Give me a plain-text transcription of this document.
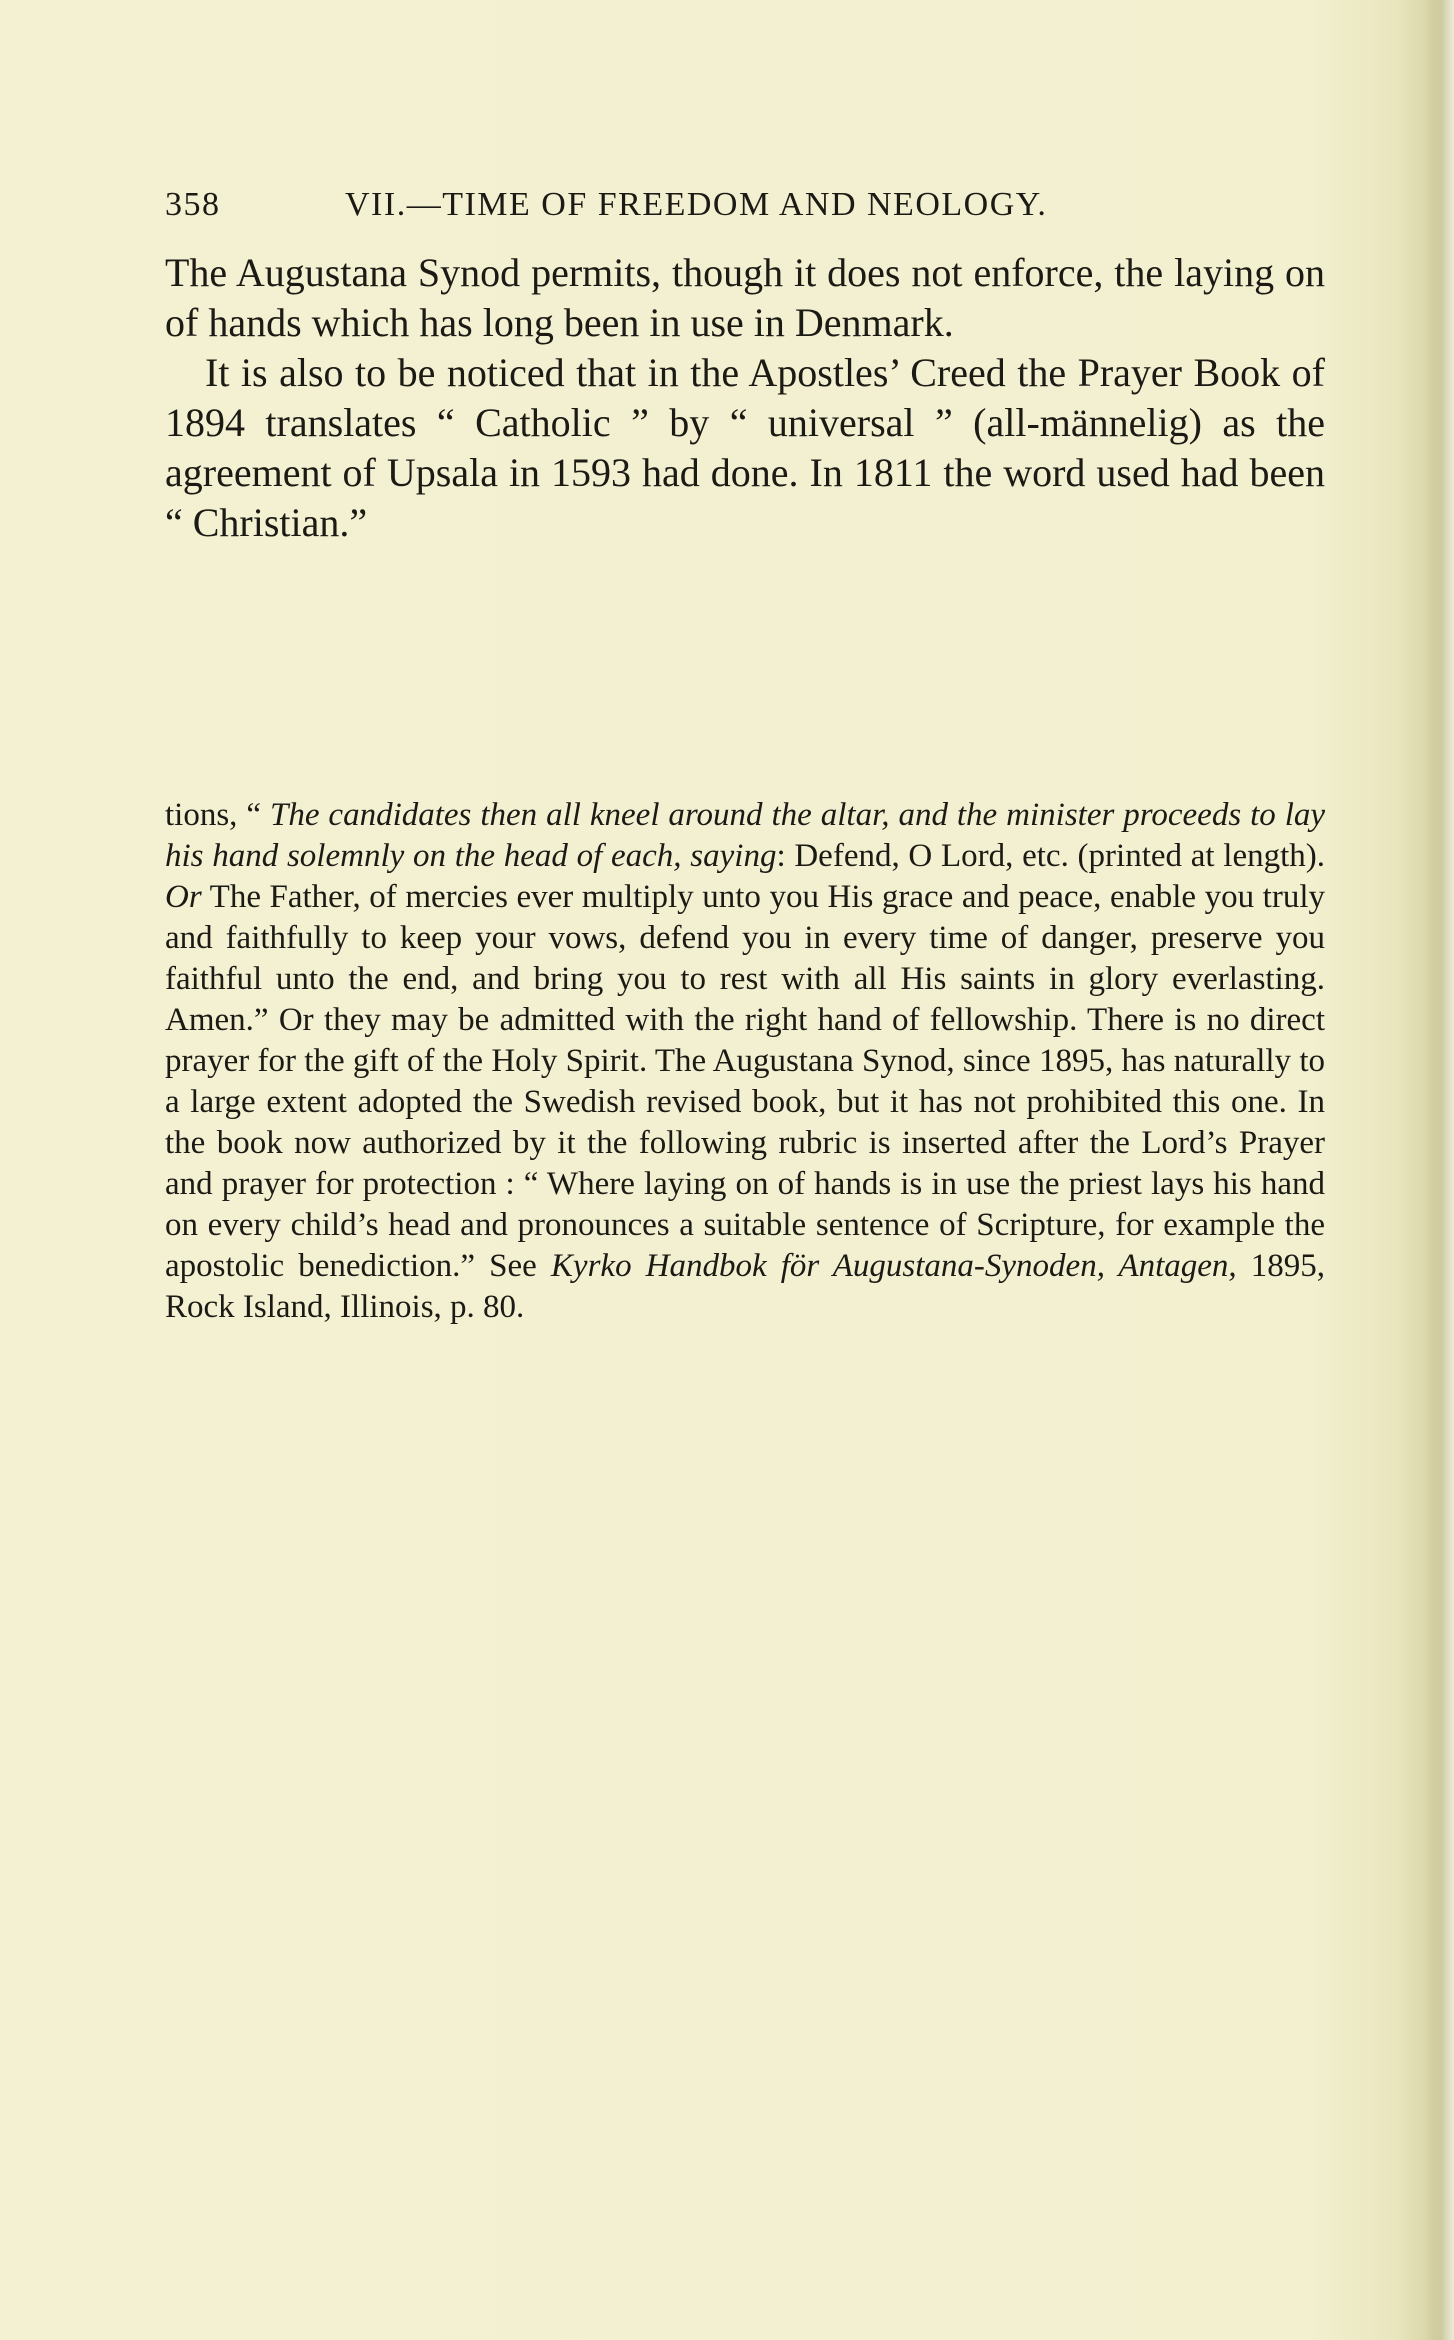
358	VII.—TIME OF FREEDOM AND NEOLOGY.

The Augustana Synod permits, though it does not enforce, the laying on of hands which has long been in use in Denmark.

It is also to be noticed that in the Apostles’ Creed the Prayer Book of 1894 translates “ Catholic ” by “ universal ” (all-männelig) as the agreement of Upsala in 1593 had done. In 1811 the word used had been “ Christian.”

tions, “ The candidates then all kneel around the altar, and the minister proceeds to lay his hand solemnly on the head of each, saying: Defend, O Lord, etc. (printed at length). Or The Father, of mercies ever multiply unto you His grace and peace, enable you truly and faithfully to keep your vows, defend you in every time of danger, preserve you faithful unto the end, and bring you to rest with all His saints in glory everlasting. Amen.” Or they may be admitted with the right hand of fellowship. There is no direct prayer for the gift of the Holy Spirit. The Augustana Synod, since 1895, has naturally to a large extent adopted the Swedish revised book, but it has not prohibited this one. In the book now authorized by it the following rubric is inserted after the Lord’s Prayer and prayer for protection : “ Where laying on of hands is in use the priest lays his hand on every child’s head and pronounces a suitable sentence of Scripture, for example the apostolic benediction.” See Kyrko Handbok för Augustana-Synoden, Antagen, 1895, Rock Island, Illinois, p. 80.
